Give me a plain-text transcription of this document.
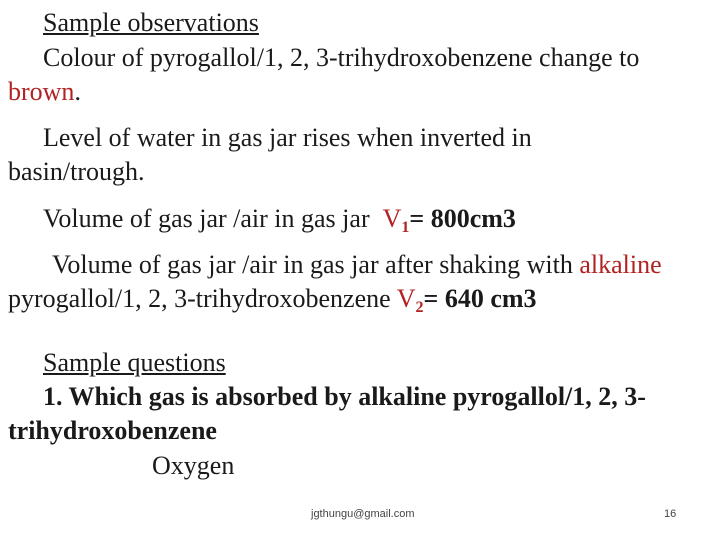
Sample observations
Colour of pyrogallol/1, 2, 3-trihydroxobenzene change to
brown.
Level of water in gas jar rises when inverted in
basin/trough.
Volume of gas jar /air in gas jar $V_1= 800cm3$
Volume of gas jar /air in gas jar after shaking with alkaline
pyrogallol/1, 2, 3-trihydroxobenzene $V_2= 640$ cm3
Sample questions
1. Which gas is absorbed by alkaline pyrogallol/1, 2, 3-
trihydroxobenzene
Oxygen
jgthungu@gmail.com	16
